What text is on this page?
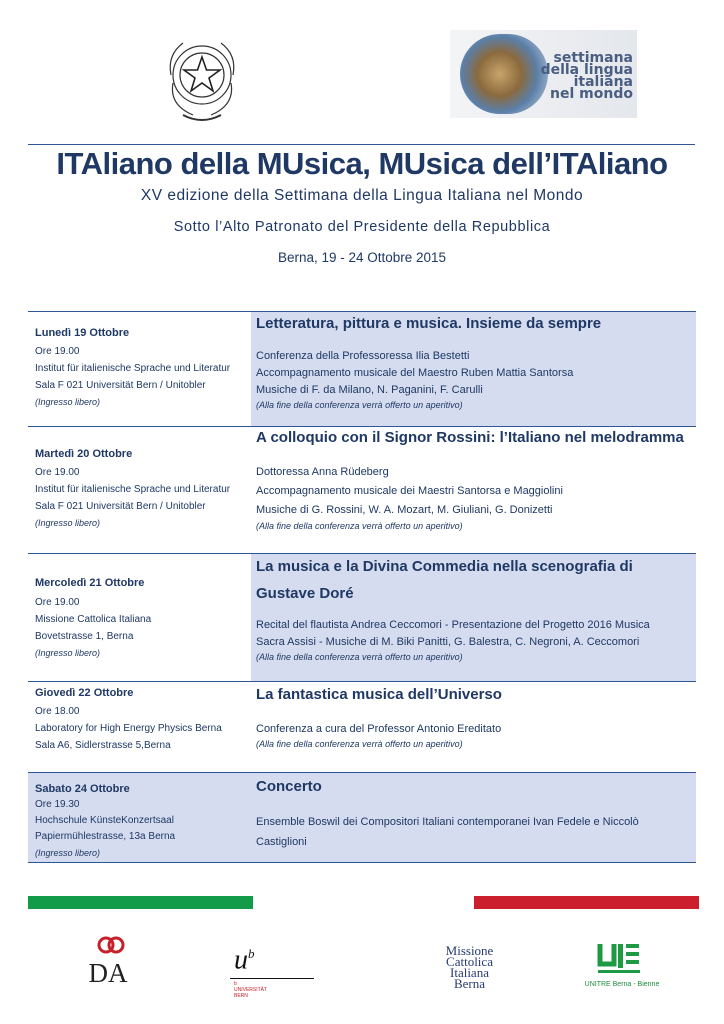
settimana
della lingua
italiana
nel mondo
ITAliano della MUsica, MUsica dell’ITAliano
XV edizione della Settimana della Lingua Italiana nel Mondo
Sotto l’Alto Patronato del Presidente della Repubblica
Berna, 19 - 24 Ottobre 2015
Lunedì 19 Ottobre
Ore 19.00
Institut für italienische Sprache und Literatur
Sala F 021 Universität Bern / Unitobler
(Ingresso libero)
Letteratura, pittura e musica. Insieme da sempre
Conferenza della Professoressa Ilia Bestetti
Accompagnamento musicale del Maestro Ruben Mattia Santorsa
Musiche di F. da Milano, N. Paganini, F. Carulli
(Alla fine della conferenza verrà offerto un aperitivo)
Martedì 20 Ottobre
Ore 19.00
Institut für italienische Sprache und Literatur
Sala F 021 Universität Bern / Unitobler
(Ingresso libero)
A colloquio con il Signor Rossini: l’Italiano nel melodramma
Dottoressa Anna Rüdeberg
Accompagnamento musicale dei Maestri Santorsa e Maggiolini
Musiche di G. Rossini, W. A. Mozart, M. Giuliani, G. Donizetti
(Alla fine della conferenza verrà offerto un aperitivo)
Mercoledì 21 Ottobre
Ore 19.00
Missione Cattolica Italiana
Bovetstrasse 1, Berna
(Ingresso libero)
La musica e la Divina Commedia nella scenografia di
Gustave Doré
Recital del flautista Andrea Ceccomori - Presentazione del Progetto 2016 Musica
Sacra Assisi - Musiche di M. Biki Panitti, G. Balestra, C. Negroni, A. Ceccomori
(Alla fine della conferenza verrà offerto un aperitivo)
Giovedì 22 Ottobre
Ore 18.00
Laboratory for High Energy Physics Berna
Sala A6, Sidlerstrasse 5,Berna
La fantastica musica dell’Universo
Conferenza a cura del Professor Antonio Ereditato
(Alla fine della conferenza verrà offerto un aperitivo)
Sabato 24 Ottobre
Ore 19.30
Hochschule KünsteKonzertsaal
Papiermühlestrasse, 13a Berna
(Ingresso libero)
Concerto
Ensemble Boswil dei Compositori Italiani contemporanei Ivan Fedele e Niccolò
Castiglioni
DA	$u^b$
b
UNIVERSITÄT
BERN
Missione
Cattolica
Italiana
Berna	UNITRE Berna - Bienne
